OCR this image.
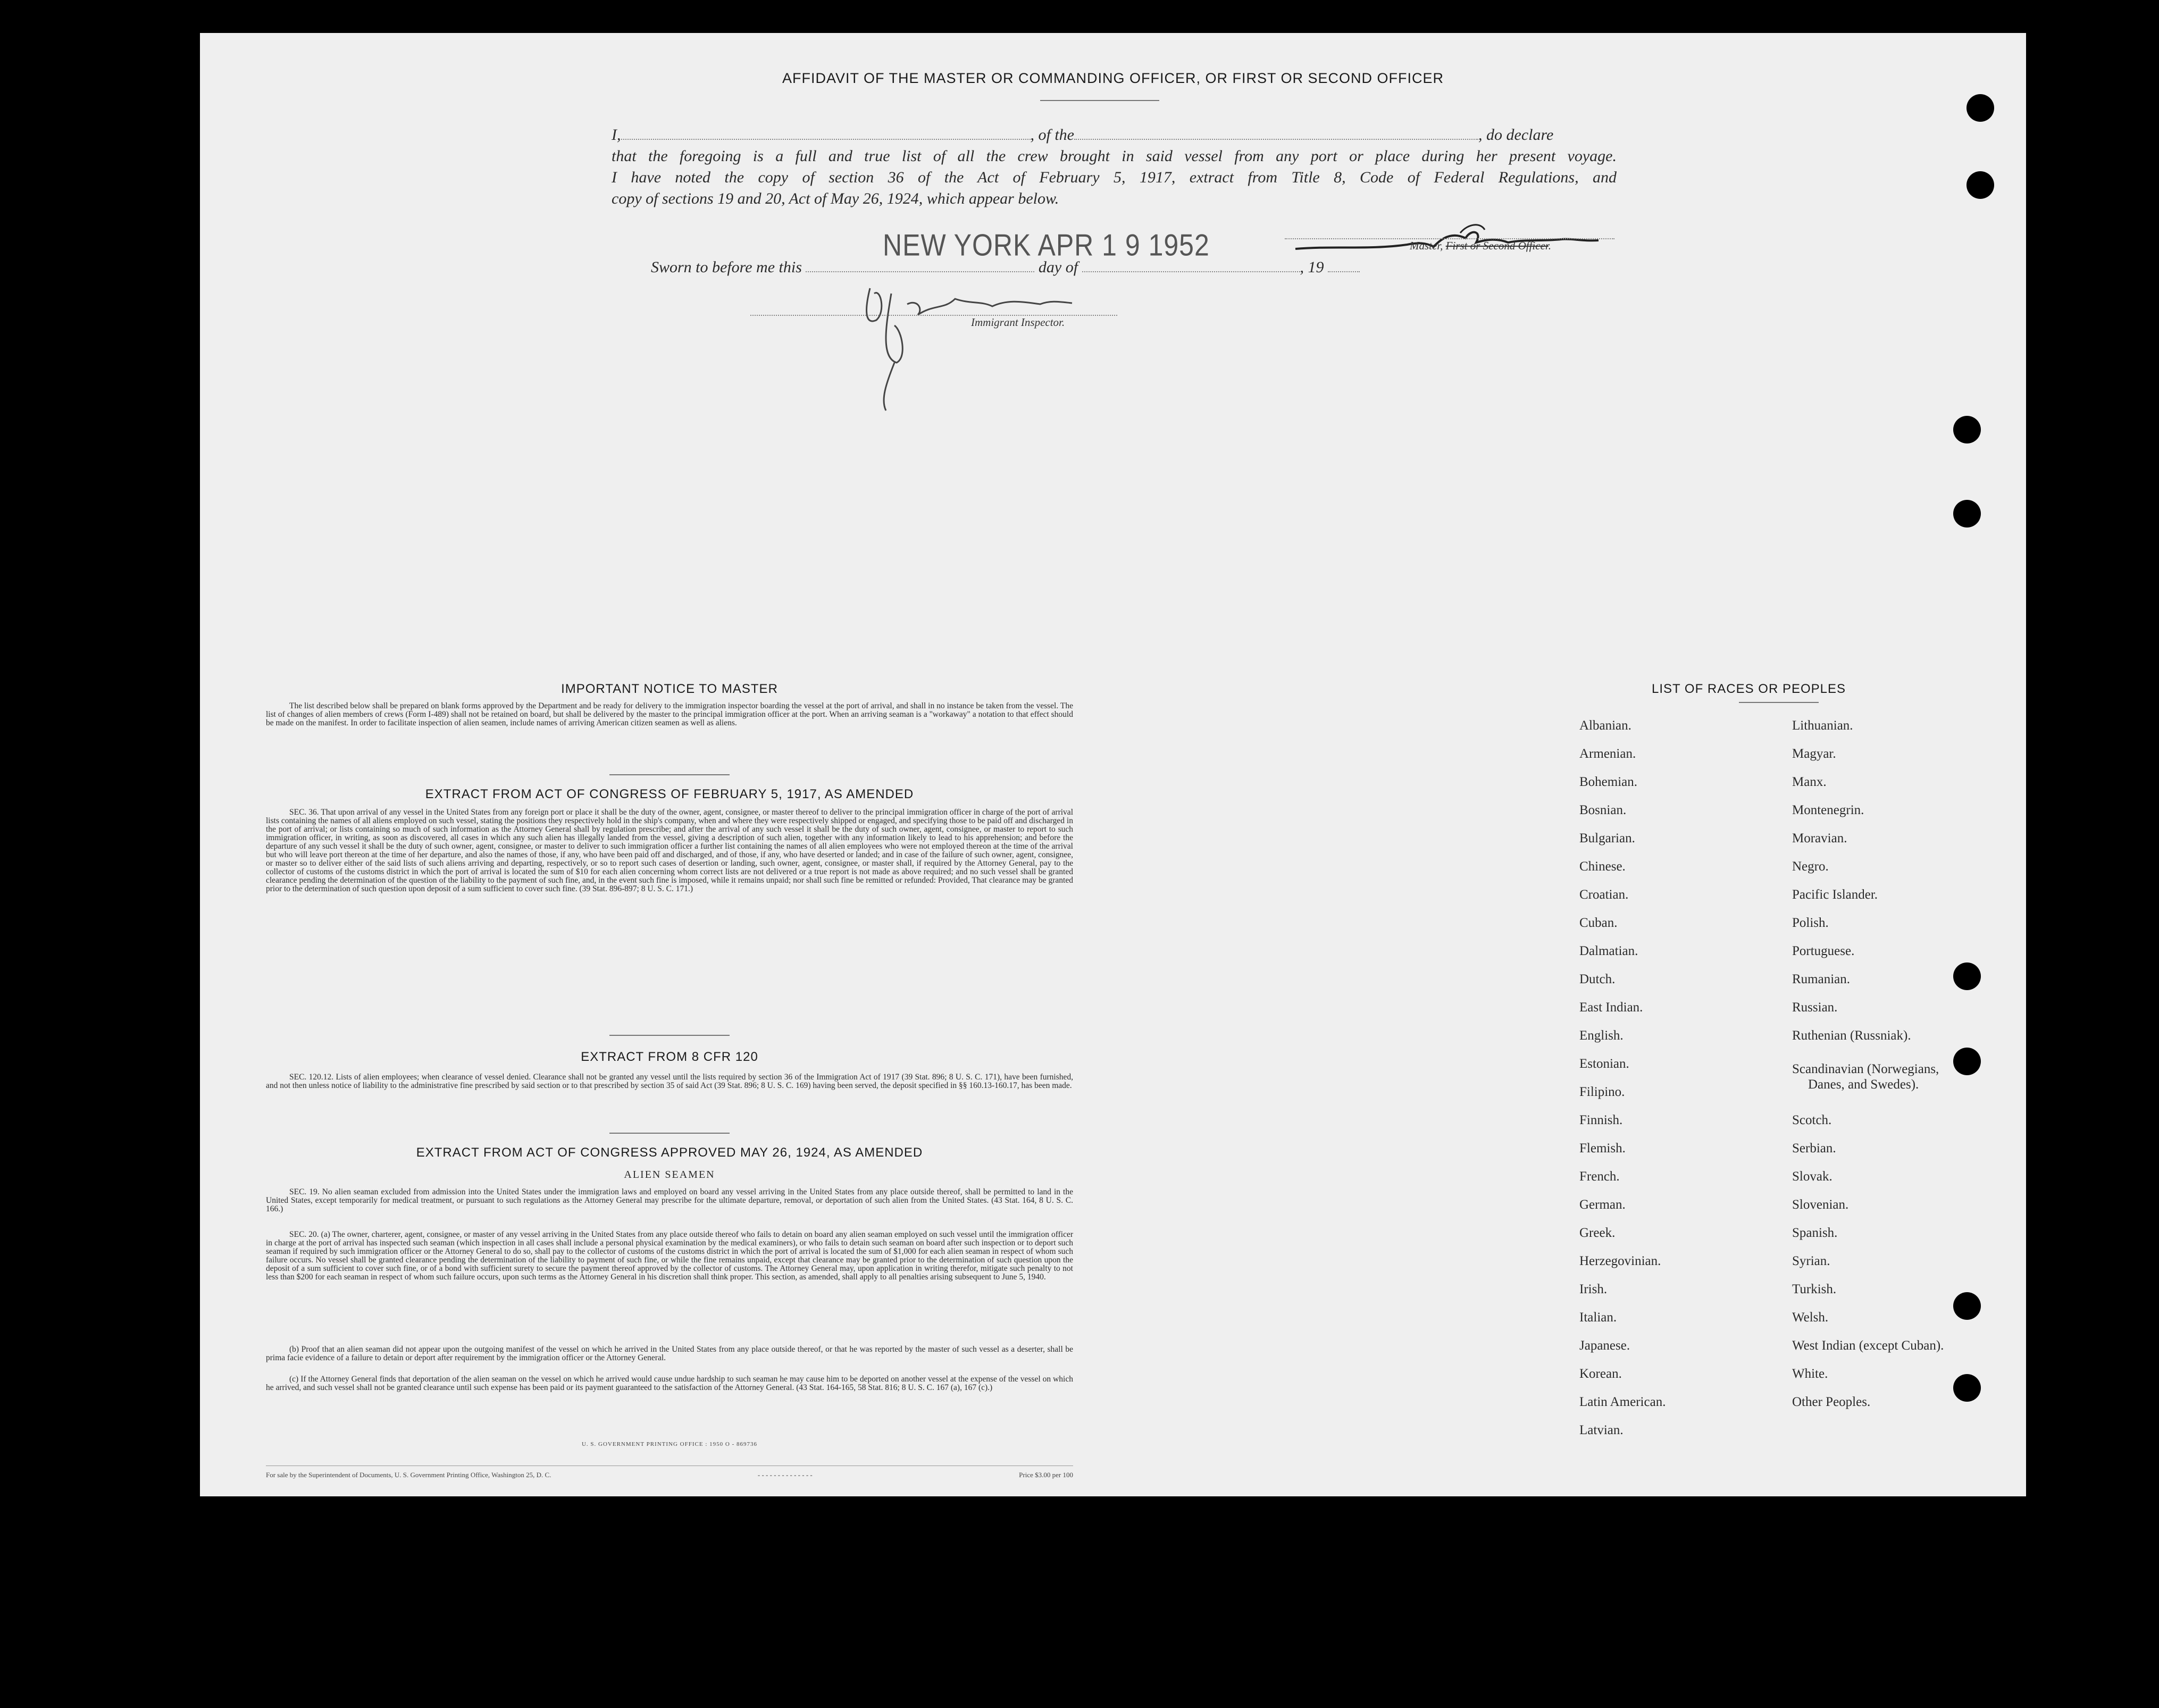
AFFIDAVIT OF THE MASTER OR COMMANDING OFFICER, OR FIRST OR SECOND OFFICER

I,	, of the	, do declare

that the foregoing is a full and true list of all the crew brought in said vessel from any port or place during her present voyage.

I have noted the copy of section 36 of the Act of February 5, 1917, extract from Title 8, Code of Federal Regulations, and

copy of sections 19 and 20, Act of May 26, 1924, which appear below.

NEW YORK APR 1 9 1952	Master, First or Second Officer.
Sworn to before me this	day of	, 19
Immigrant Inspector.
IMPORTANT NOTICE TO MASTER

The list described below shall be prepared on blank forms approved by the Department and be ready for delivery to the immigration inspector boarding the vessel at the port of arrival, and shall in no instance be taken from the vessel. The list of changes of alien members of crews (Form I-489) shall not be retained on board, but shall be delivered by the master to the principal immigration officer at the port. When an arriving seaman is a "workaway" a notation to that effect should be made on the manifest. In order to facilitate inspection of alien seamen, include names of arriving American citizen seamen as well as aliens.

EXTRACT FROM ACT OF CONGRESS OF FEBRUARY 5, 1917, AS AMENDED

SEC. 36. That upon arrival of any vessel in the United States from any foreign port or place it shall be the duty of the owner, agent, consignee, or master thereof to deliver to the principal immigration officer in charge of the port of arrival lists containing the names of all aliens employed on such vessel, stating the positions they respectively hold in the ship's company, when and where they were respectively shipped or engaged, and specifying those to be paid off and discharged in the port of arrival; or lists containing so much of such information as the Attorney General shall by regulation prescribe; and after the arrival of any such vessel it shall be the duty of such owner, agent, consignee, or master to report to such immigration officer, in writing, as soon as discovered, all cases in which any such alien has illegally landed from the vessel, giving a description of such alien, together with any information likely to lead to his apprehension; and before the departure of any such vessel it shall be the duty of such owner, agent, consignee, or master to deliver to such immigration officer a further list containing the names of all alien employees who were not employed thereon at the time of the arrival but who will leave port thereon at the time of her departure, and also the names of those, if any, who have been paid off and discharged, and of those, if any, who have deserted or landed; and in case of the failure of such owner, agent, consignee, or master so to deliver either of the said lists of such aliens arriving and departing, respectively, or so to report such cases of desertion or landing, such owner, agent, consignee, or master shall, if required by the Attorney General, pay to the collector of customs of the customs district in which the port of arrival is located the sum of $10 for each alien concerning whom correct lists are not delivered or a true report is not made as above required; and no such vessel shall be granted clearance pending the determination of the question of the liability to the payment of such fine, and, in the event such fine is imposed, while it remains unpaid; nor shall such fine be remitted or refunded: Provided, That clearance may be granted prior to the determination of such question upon deposit of a sum sufficient to cover such fine. (39 Stat. 896-897; 8 U. S. C. 171.)

EXTRACT FROM 8 CFR 120

SEC. 120.12. Lists of alien employees; when clearance of vessel denied. Clearance shall not be granted any vessel until the lists required by section 36 of the Immigration Act of 1917 (39 Stat. 896; 8 U. S. C. 171), have been furnished, and not then unless notice of liability to the administrative fine prescribed by said section or to that prescribed by section 35 of said Act (39 Stat. 896; 8 U. S. C. 169) having been served, the deposit specified in §§ 160.13-160.17, has been made.

EXTRACT FROM ACT OF CONGRESS APPROVED MAY 26, 1924, AS AMENDED
ALIEN SEAMEN

SEC. 19. No alien seaman excluded from admission into the United States under the immigration laws and employed on board any vessel arriving in the United States from any place outside thereof, shall be permitted to land in the United States, except temporarily for medical treatment, or pursuant to such regulations as the Attorney General may prescribe for the ultimate departure, removal, or deportation of such alien from the United States. (43 Stat. 164, 8 U. S. C. 166.)

SEC. 20. (a) The owner, charterer, agent, consignee, or master of any vessel arriving in the United States from any place outside thereof who fails to detain on board any alien seaman employed on such vessel until the immigration officer in charge at the port of arrival has inspected such seaman (which inspection in all cases shall include a personal physical examination by the medical examiners), or who fails to detain such seaman on board after such inspection or to deport such seaman if required by such immigration officer or the Attorney General to do so, shall pay to the collector of customs of the customs district in which the port of arrival is located the sum of $1,000 for each alien seaman in respect of whom such failure occurs. No vessel shall be granted clearance pending the determination of the liability to payment of such fine, or while the fine remains unpaid, except that clearance may be granted prior to the determination of such question upon the deposit of a sum sufficient to cover such fine, or of a bond with sufficient surety to secure the payment thereof approved by the collector of customs. The Attorney General may, upon application in writing therefor, mitigate such penalty to not less than $200 for each seaman in respect of whom such failure occurs, upon such terms as the Attorney General in his discretion shall think proper. This section, as amended, shall apply to all penalties arising subsequent to June 5, 1940.

(b) Proof that an alien seaman did not appear upon the outgoing manifest of the vessel on which he arrived in the United States from any place outside thereof, or that he was reported by the master of such vessel as a deserter, shall be prima facie evidence of a failure to detain or deport after requirement by the immigration officer or the Attorney General.

(c) If the Attorney General finds that deportation of the alien seaman on the vessel on which he arrived would cause undue hardship to such seaman he may cause him to be deported on another vessel at the expense of the vessel on which he arrived, and such vessel shall not be granted clearance until such expense has been paid or its payment guaranteed to the satisfaction of the Attorney General. (43 Stat. 164-165, 58 Stat. 816; 8 U. S. C. 167 (a), 167 (c).)

U. S. GOVERNMENT PRINTING OFFICE : 1950 O - 869736
For sale by the Superintendent of Documents, U. S. Government Printing Office, Washington 25, D. C.	- - - - - - - - - - - - - -	Price $3.00 per 100
LIST OF RACES OR PEOPLES
Albanian.
Armenian.
Bohemian.
Bosnian.
Bulgarian.
Chinese.
Croatian.
Cuban.
Dalmatian.
Dutch.
East Indian.
English.
Estonian.
Filipino.
Finnish.
Flemish.
French.
German.
Greek.
Herzegovinian.
Irish.
Italian.
Japanese.
Korean.
Latin American.
Latvian.
Lithuanian.
Magyar.
Manx.
Montenegrin.
Moravian.
Negro.
Pacific Islander.
Polish.
Portuguese.
Rumanian.
Russian.
Ruthenian (Russniak).
Scandinavian (Norwegians,
Danes, and Swedes).
Scotch.
Serbian.
Slovak.
Slovenian.
Spanish.
Syrian.
Turkish.
Welsh.
West Indian (except Cuban).
White.
Other Peoples.
